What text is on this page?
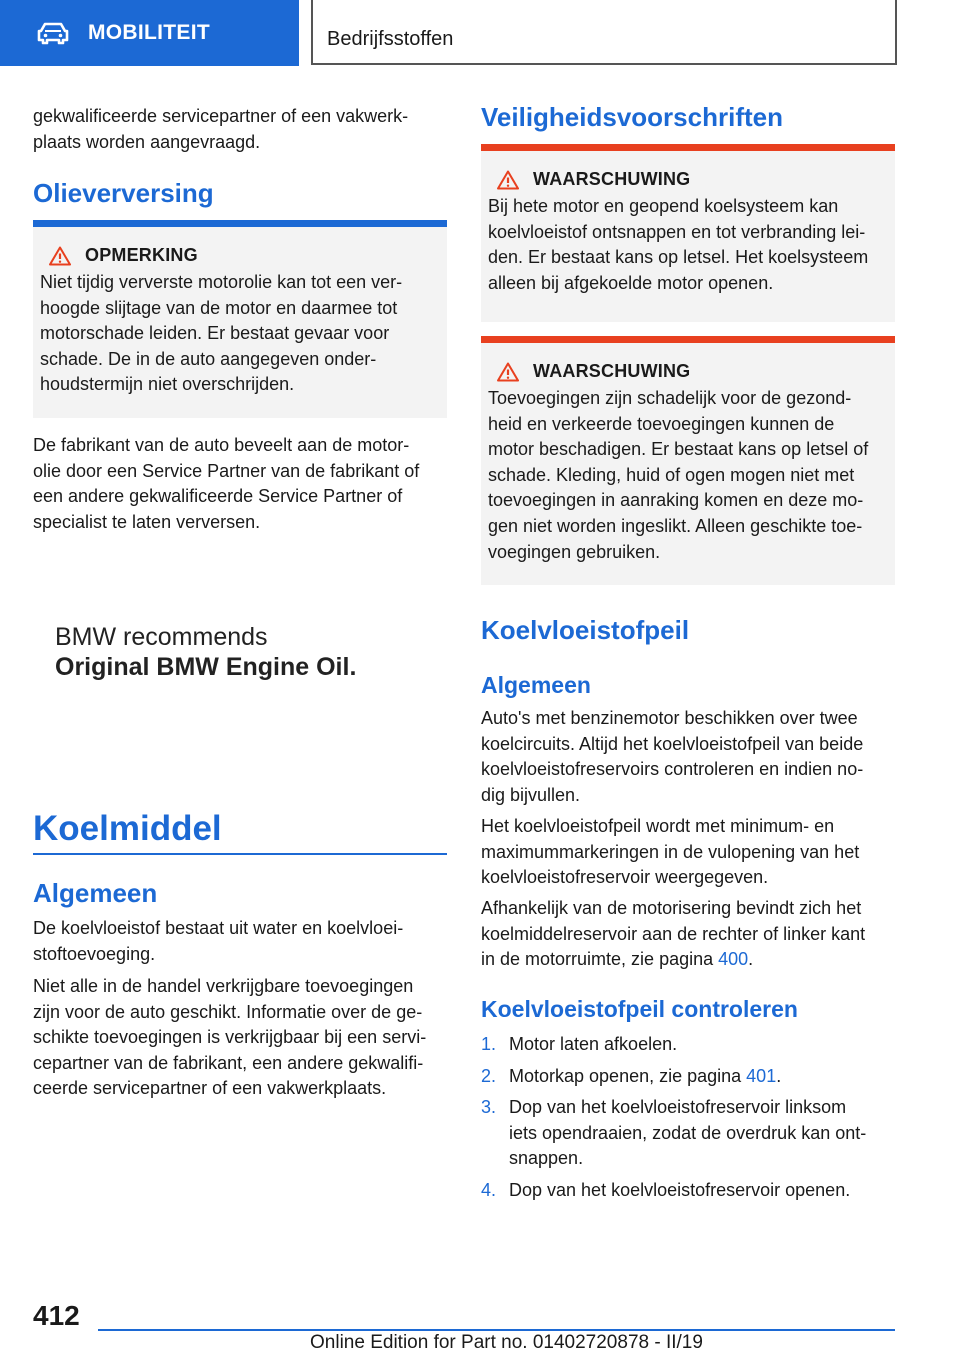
MOBILITEIT	Bedrijfsstoffen

gekwalificeerde servicepartner of een vakwerk-
plaats worden aangevraagd.

Olieverversing
OPMERKING

Niet tijdig ververste motorolie kan tot een ver-
hoogde slijtage van de motor en daarmee tot
motorschade leiden. Er bestaat gevaar voor
schade. De in de auto aangegeven onder-
houdstermijn niet overschrijden.

De fabrikant van de auto beveelt aan de motor-
olie door een Service Partner van de fabrikant of
een andere gekwalificeerde Service Partner of
specialist te laten verversen.

BMW recommends
Original BMW Engine Oil.
Koelmiddel
Algemeen

De koelvloeistof bestaat uit water en koelvloei-
stoftoevoeging.

Niet alle in de handel verkrijgbare toevoegingen
zijn voor de auto geschikt. Informatie over de ge-
schikte toevoegingen is verkrijgbaar bij een servi-
cepartner van de fabrikant, een andere gekwalifi-
ceerde servicepartner of een vakwerkplaats.

Veiligheidsvoorschriften
WAARSCHUWING

Bij hete motor en geopend koelsysteem kan
koelvloeistof ontsnappen en tot verbranding lei-
den. Er bestaat kans op letsel. Het koelsysteem
alleen bij afgekoelde motor openen.

WAARSCHUWING

Toevoegingen zijn schadelijk voor de gezond-
heid en verkeerde toevoegingen kunnen de
motor beschadigen. Er bestaat kans op letsel of
schade. Kleding, huid of ogen mogen niet met
toevoegingen in aanraking komen en deze mo-
gen niet worden ingeslikt. Alleen geschikte toe-
voegingen gebruiken.

Koelvloeistofpeil
Algemeen

Auto's met benzinemotor beschikken over twee
koelcircuits. Altijd het koelvloeistofpeil van beide
koelvloeistofreservoirs controleren en indien no-
dig bijvullen.

Het koelvloeistofpeil wordt met minimum- en
maximummarkeringen in de vulopening van het
koelvloeistofreservoir weergegeven.

Afhankelijk van de motorisering bevindt zich het
koelmiddelreservoir aan de rechter of linker kant
in de motorruimte, zie pagina 400.

Koelvloeistofpeil controleren
1. Motor laten afkoelen.
2. Motorkap openen, zie pagina 401.
3. Dop van het koelvloeistofreservoir linksom
iets opendraaien, zodat de overdruk kan ont-
snappen.
4. Dop van het koelvloeistofreservoir openen.
412
Online Edition for Part no. 01402720878 - II/19
